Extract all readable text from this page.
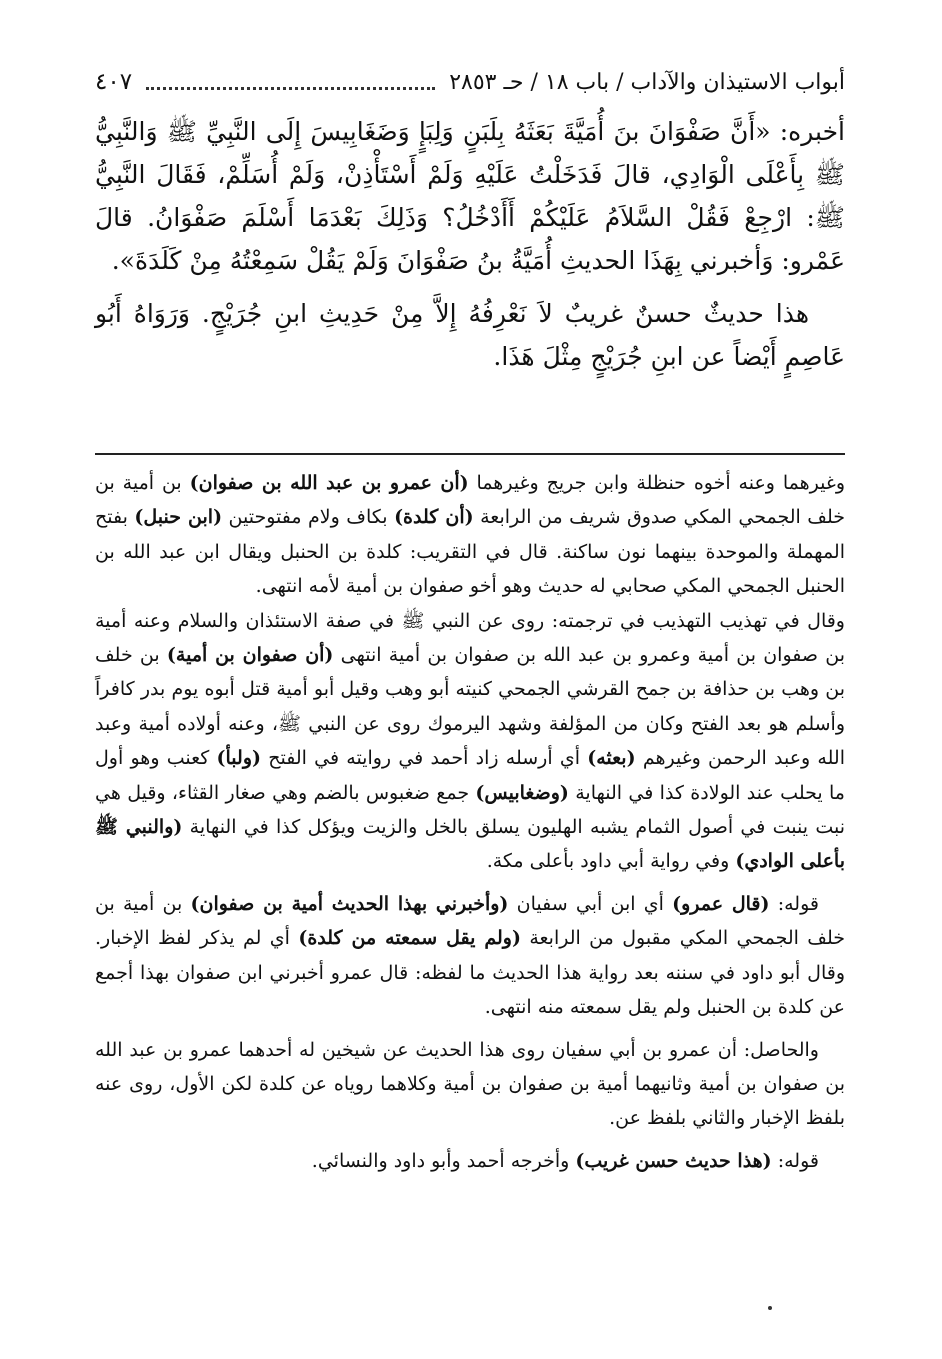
أبواب الاستيذان والآداب / باب ١٨ / حـ ٢٨٥٣
٤٠٧

أخبره: «أَنَّ صَفْوَانَ بنَ أُمَيَّةَ بَعَثَهُ بِلَبَنٍ وَلِبَإٍ وَضَغَابِيسَ إِلَى النَّبِيِّ ﷺ وَالنَّبِيُّ ﷺ بِأَعْلَى الْوَادِي، قالَ فَدَخَلْتُ عَلَيْهِ وَلَمْ أَسْتَأْذِنْ، وَلَمْ أُسَلِّمْ، فَقَالَ النَّبِيُّ ﷺ: ارْجِعْ فَقُلْ السَّلاَمُ عَلَيْكُمْ أَأَدْخُلُ؟ وَذَلِكَ بَعْدَمَا أَسْلَمَ صَفْوَانُ. قالَ عَمْرو: وَأخبرني بِهَذَا الحديثِ أُمَيَّةُ بنُ صَفْوَانَ وَلَمْ يَقُلْ سَمِعْتُهُ مِنْ كَلَدَةَ».

هذا حديثٌ حسنٌ غريبٌ لاَ نَعْرِفُهُ إِلاَّ مِنْ حَدِيثِ ابنِ جُرَيْجٍ. وَرَوَاهُ أَبُو عَاصِمٍ أَيْضاً عن ابنِ جُرَيْجٍ مِثْلَ هَذَا.

وغيرهما وعنه أخوه حنظلة وابن جريج وغيرهما (أن عمرو بن عبد الله بن صفوان) بن أمية بن خلف الجمحي المكي صدوق شريف من الرابعة (أن كلدة) بكاف ولام مفتوحتين (ابن حنبل) بفتح المهملة والموحدة بينهما نون ساكنة. قال في التقريب: كلدة بن الحنبل ويقال ابن عبد الله بن الحنبل الجمحي المكي صحابي له حديث وهو أخو صفوان بن أمية لأمه انتهى.

وقال في تهذيب التهذيب في ترجمته: روى عن النبي ﷺ في صفة الاستئذان والسلام وعنه أمية بن صفوان بن أمية وعمرو بن عبد الله بن صفوان بن أمية انتهى (أن صفوان بن أمية) بن خلف بن وهب بن حذافة بن جمح القرشي الجمحي كنيته أبو وهب وقيل أبو أمية قتل أبوه يوم بدر كافراً وأسلم هو بعد الفتح وكان من المؤلفة وشهد اليرموك روى عن النبي ﷺ، وعنه أولاده أمية وعبد الله وعبد الرحمن وغيرهم (بعثه) أي أرسله زاد أحمد في روايته في الفتح (ولبأ) كعنب وهو أول ما يحلب عند الولادة كذا في النهاية (وضغابيس) جمع ضغبوس بالضم وهي صغار القثاء، وقيل هي نبت ينبت في أصول الثمام يشبه الهليون يسلق بالخل والزيت ويؤكل كذا في النهاية (والنبي ﷺ بأعلى الوادي) وفي رواية أبي داود بأعلى مكة.

قوله: (قال عمرو) أي ابن أبي سفيان (وأخبرني بهذا الحديث أمية بن صفوان) بن أمية بن خلف الجمحي المكي مقبول من الرابعة (ولم يقل سمعته من كلدة) أي لم يذكر لفظ الإخبار. وقال أبو داود في سننه بعد رواية هذا الحديث ما لفظه: قال عمرو أخبرني ابن صفوان بهذا أجمع عن كلدة بن الحنبل ولم يقل سمعته منه انتهى.

والحاصل: أن عمرو بن أبي سفيان روى هذا الحديث عن شيخين له أحدهما عمرو بن عبد الله بن صفوان بن أمية وثانيهما أمية بن صفوان بن أمية وكلاهما روياه عن كلدة لكن الأول، روى عنه بلفظ الإخبار والثاني بلفظ عن.

قوله: (هذا حديث حسن غريب) وأخرجه أحمد وأبو داود والنسائي.
